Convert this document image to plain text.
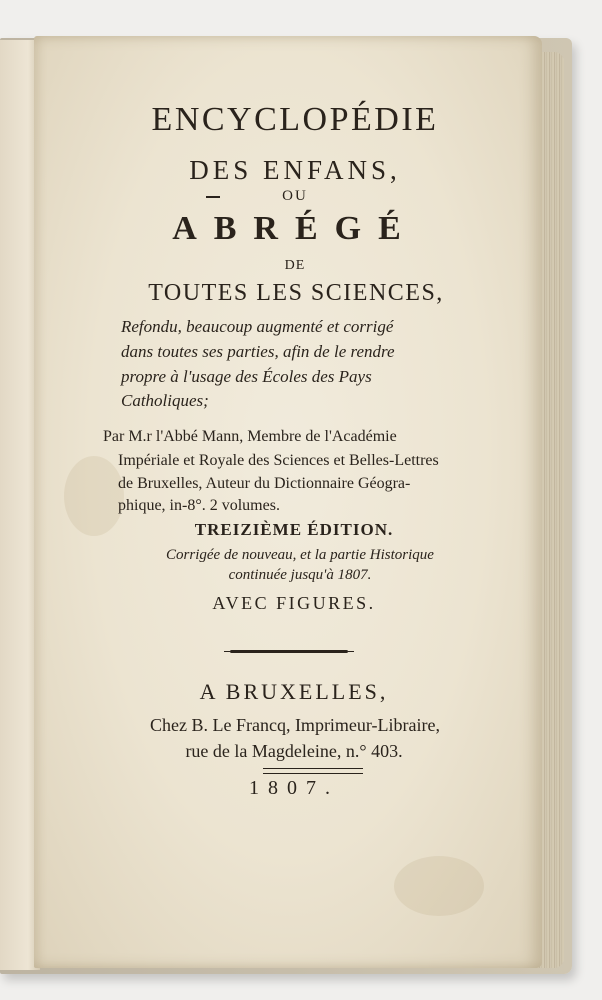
ENCYCLOPÉDIE
DES ENFANS,
OU
ABRÉGÉ
DE
TOUTES LES SCIENCES,
Refondu, beaucoup augmenté et corrigé
dans toutes ses parties, afin de le rendre
propre à l'usage des Écoles des Pays
Catholiques;
Par M.r l'Abbé Mann, Membre de l'Académie
Impériale et Royale des Sciences et Belles-Lettres
de Bruxelles, Auteur du Dictionnaire Géogra-
phique, in-8°. 2 volumes.
TREIZIÈME ÉDITION.
Corrigée de nouveau, et la partie Historique
continuée jusqu'à 1807.
AVEC FIGURES.
A BRUXELLES,
Chez B. Le Francq, Imprimeur-Libraire,
rue de la Magdeleine, n.° 403.
1807.
